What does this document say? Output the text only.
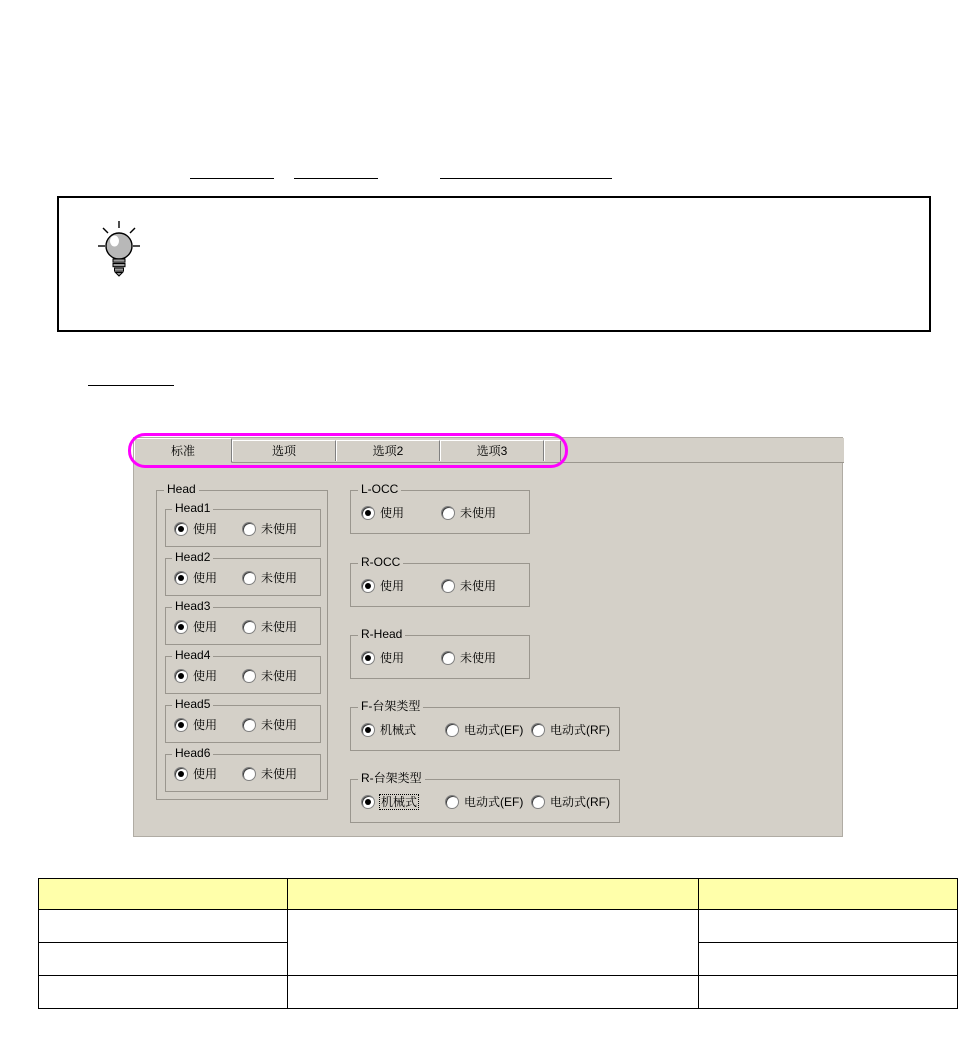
标准	选项	选项2	选项3
Head
Head1
使用	未使用
Head2
使用	未使用
Head3
使用	未使用
Head4
使用	未使用
Head5
使用	未使用
Head6
使用	未使用
L-OCC
使用	未使用
R-OCC
使用	未使用
R-Head
使用	未使用
F-台架类型
机械式	电动式(EF) 电动式(RF)
R-台架类型
机械式	电动式(EF) 电动式(RF)
